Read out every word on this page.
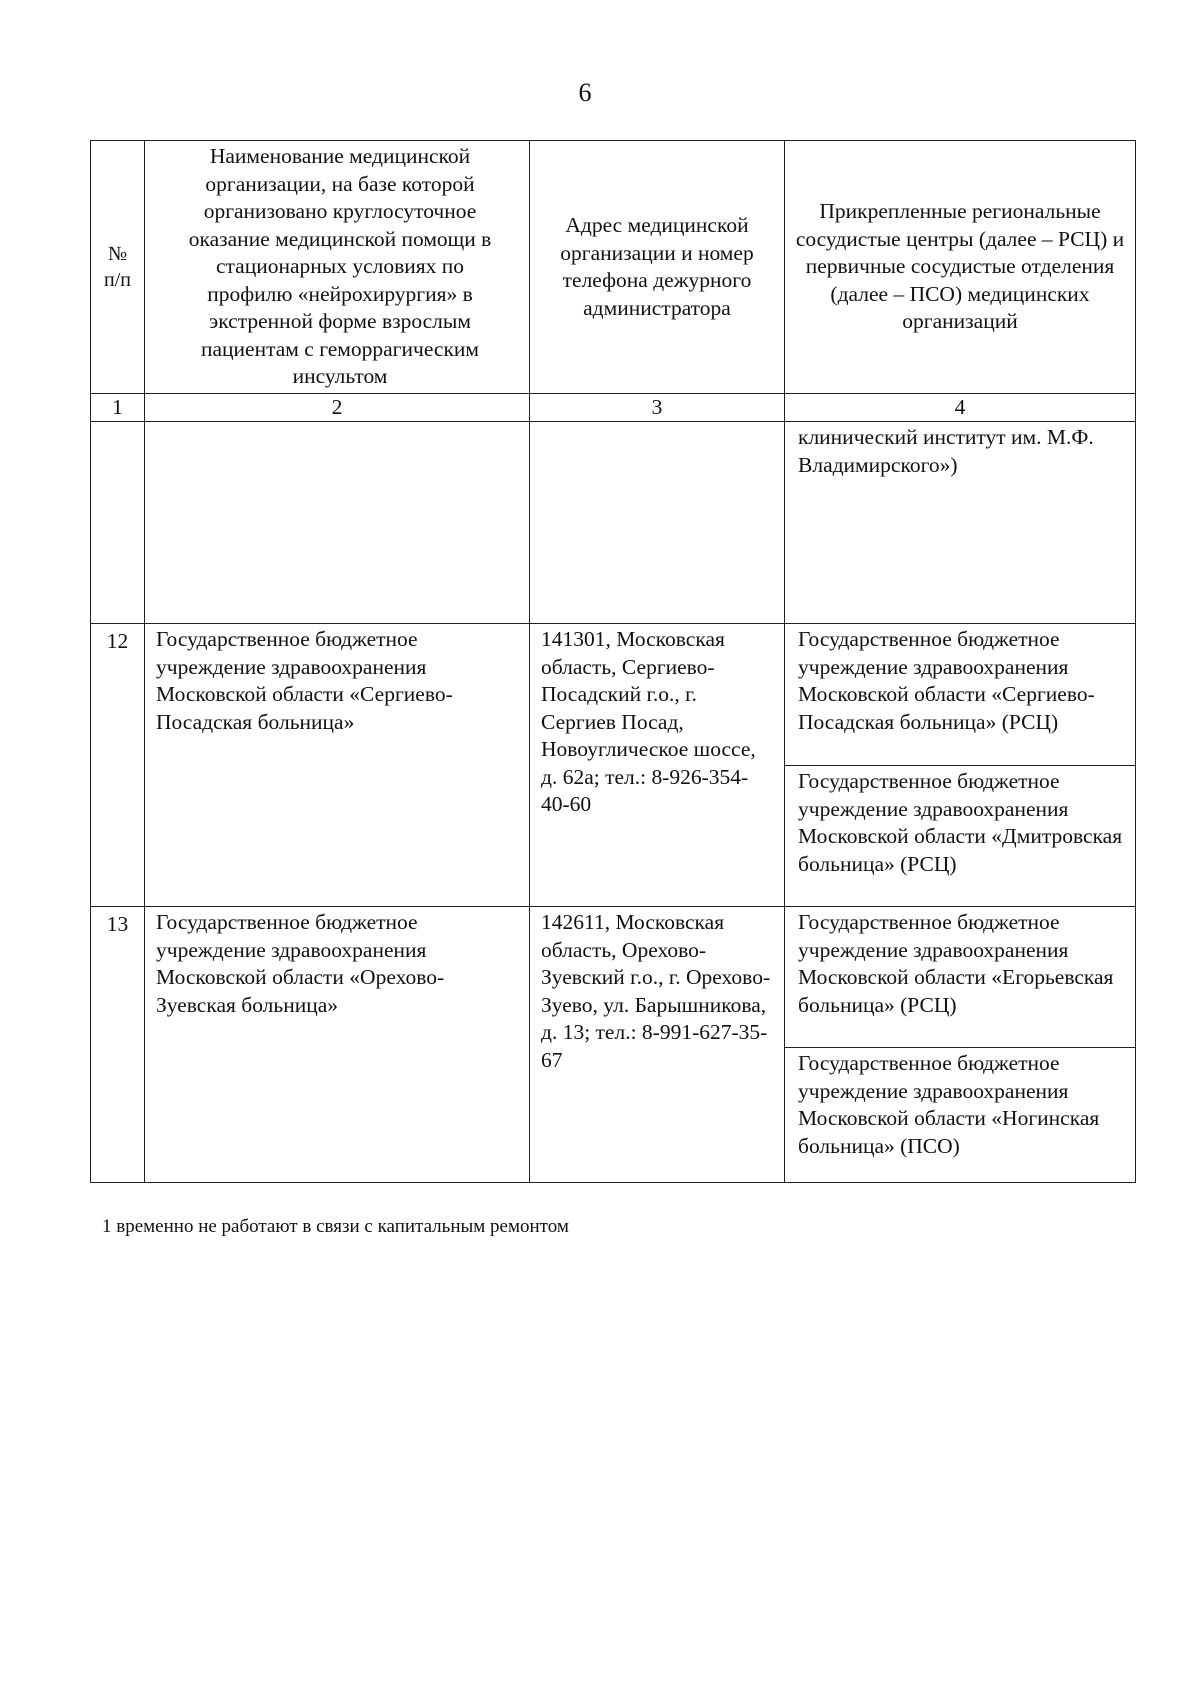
6
№
п/п	Наименование медицинской организации, на базе которой организовано круглосуточное оказание медицинской помощи в стационарных условиях по профилю «нейрохирургия» в экстренной форме взрослым пациентам с геморрагическим инсультом	Адрес медицинской организации и номер телефона дежурного администратора	Прикрепленные региональные сосудистые центры (далее – РСЦ) и первичные сосудистые отделения (далее – ПСО) медицинских организаций

1	2	3	4

			клинический институт им. М.Ф. Владимирского»)

12	Государственное бюджетное учреждение здравоохранения Московской области «Сергиево-Посадская больница»	141301, Московская область, Сергиево-Посадский г.о., г. Сергиев Посад, Новоуглическое шоссе, д. 62а; тел.: 8-926-354-40-60	Государственное бюджетное учреждение здравоохранения Московской области «Сергиево-Посадская больница» (РСЦ)
Государственное бюджетное учреждение здравоохранения Московской области «Дмитровская больница» (РСЦ)

13	Государственное бюджетное учреждение здравоохранения Московской области «Орехово-Зуевская больница»	142611, Московская область, Орехово-Зуевский г.о., г. Орехово-Зуево, ул. Барышникова, д. 13; тел.: 8-991-627-35-67	Государственное бюджетное учреждение здравоохранения Московской области «Егорьевская больница» (РСЦ)
Государственное бюджетное учреждение здравоохранения Московской области «Ногинская больница» (ПСО)
1 временно не работают в связи с капитальным ремонтом
